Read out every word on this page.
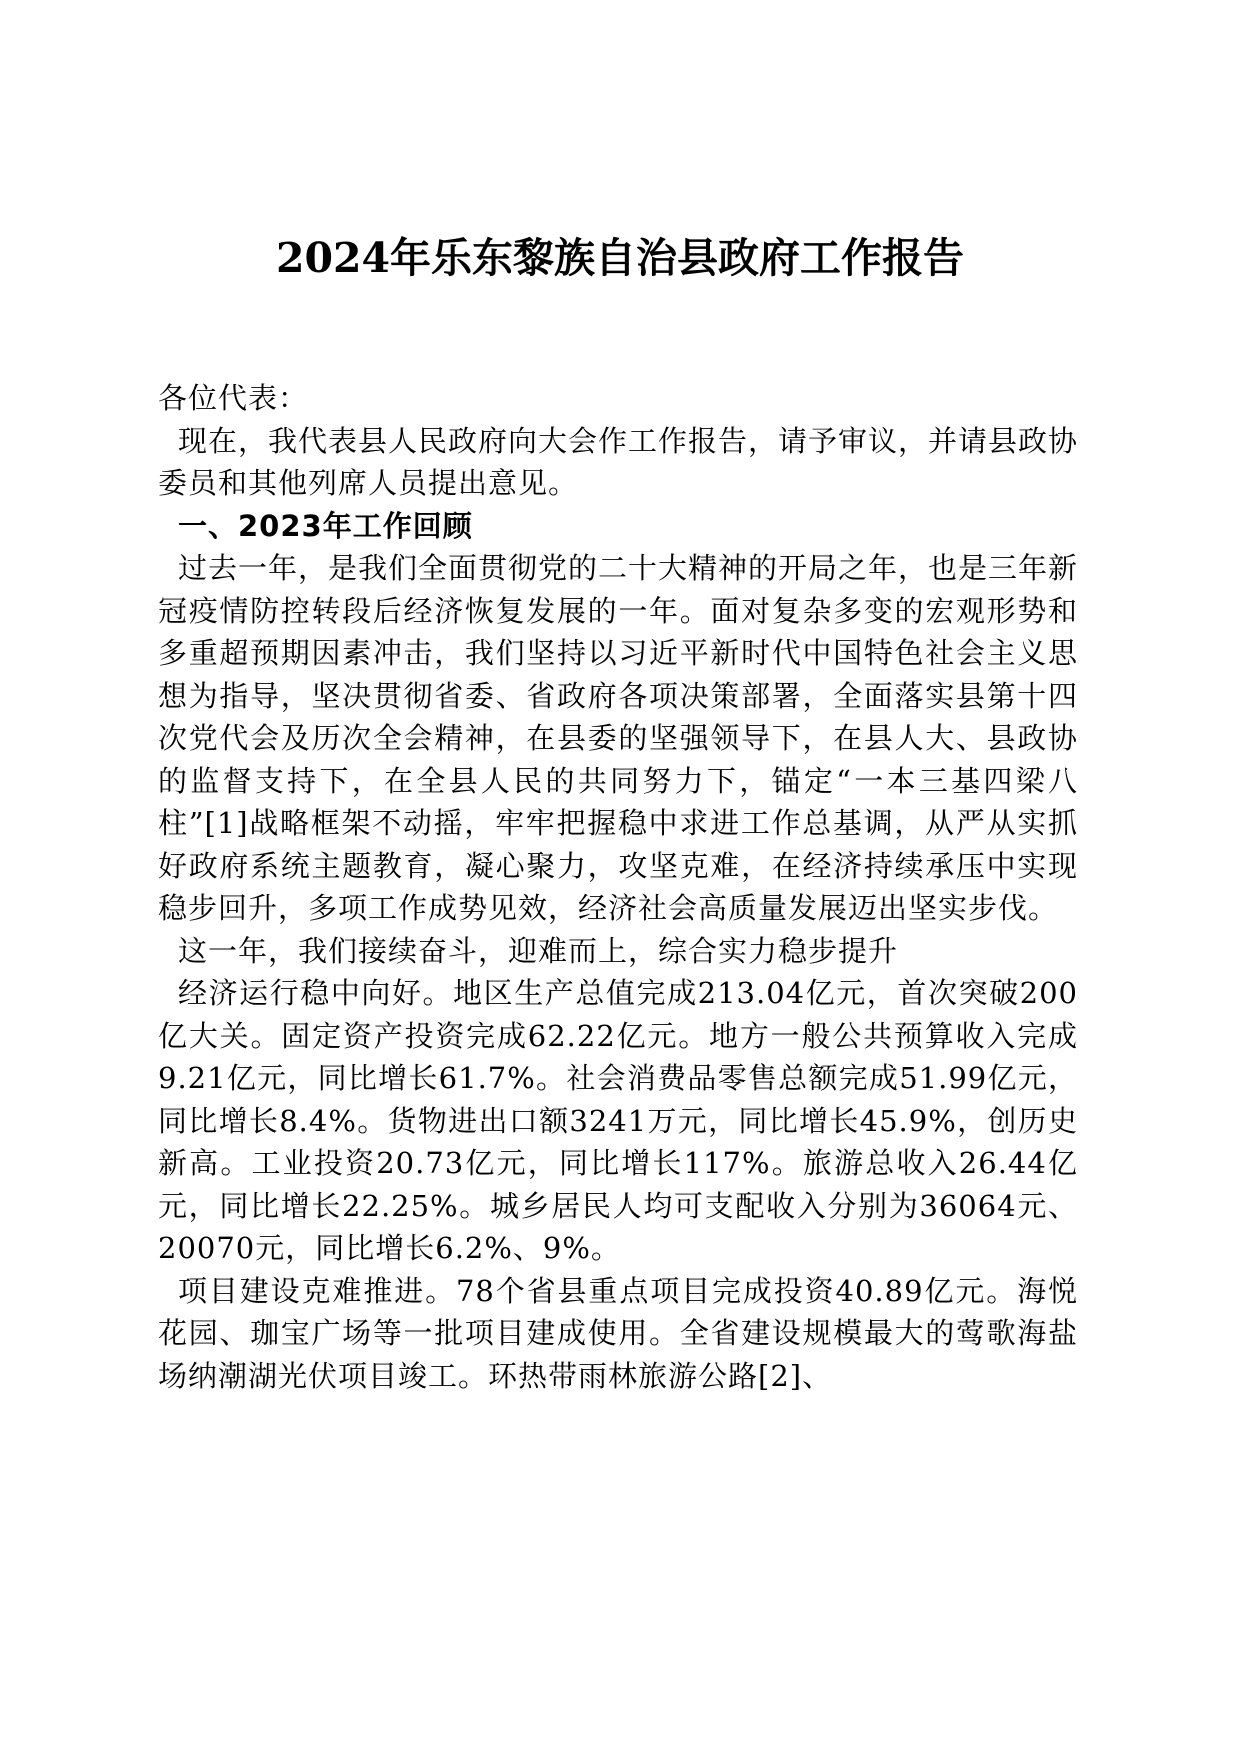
2024年乐东黎族自治县政府工作报告

各位代表：

现在，我代表县人民政府向大会作工作报告，请予审议，并请县政协委员和其他列席人员提出意见。

一、2023年工作回顾

过去一年，是我们全面贯彻党的二十大精神的开局之年，也是三年新冠疫情防控转段后经济恢复发展的一年。面对复杂多变的宏观形势和多重超预期因素冲击，我们坚持以习近平新时代中国特色社会主义思想为指导，坚决贯彻省委、省政府各项决策部署，全面落实县第十四次党代会及历次全会精神，在县委的坚强领导下，在县人大、县政协的监督支持下，在全县人民的共同努力下，锚定“一本三基四梁八柱”[1]战略框架不动摇，牢牢把握稳中求进工作总基调，从严从实抓好政府系统主题教育，凝心聚力，攻坚克难，在经济持续承压中实现稳步回升，多项工作成势见效，经济社会高质量发展迈出坚实步伐。

这一年，我们接续奋斗，迎难而上，综合实力稳步提升

经济运行稳中向好。地区生产总值完成213.04亿元，首次突破200亿大关。固定资产投资完成62.22亿元。地方一般公共预算收入完成9.21亿元，同比增长61.7%。社会消费品零售总额完成51.99亿元，同比增长8.4%。货物进出口额3241万元，同比增长45.9%，创历史新高。工业投资20.73亿元，同比增长117%。旅游总收入26.44亿元，同比增长22.25%。城乡居民人均可支配收入分别为36064元、20070元，同比增长6.2%、9%。

项目建设克难推进。78个省县重点项目完成投资40.89亿元。海悦花园、珈宝广场等一批项目建成使用。全省建设规模最大的莺歌海盐场纳潮湖光伏项目竣工。环热带雨林旅游公路[2]、
